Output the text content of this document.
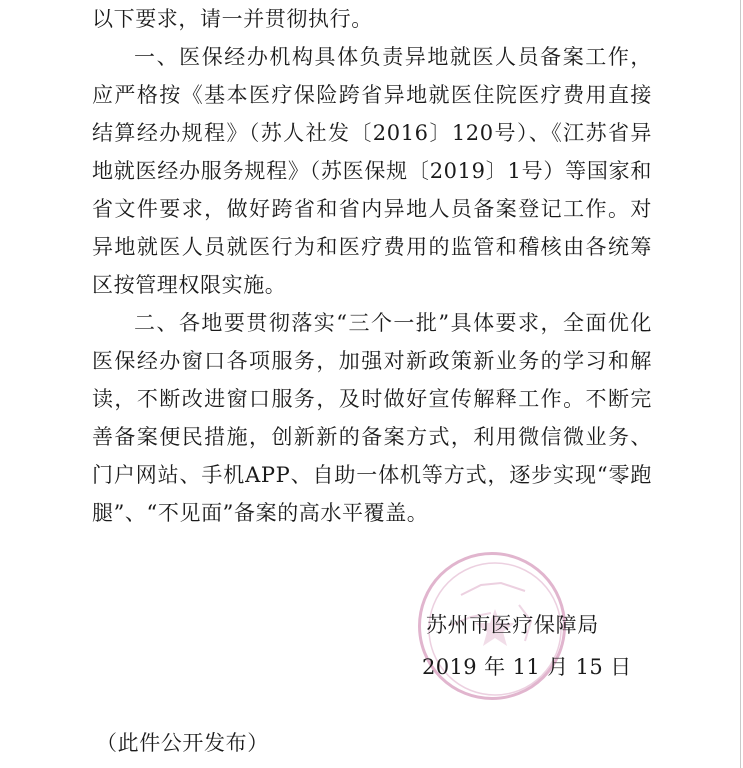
以下要求，请一并贯彻执行。

一、医保经办机构具体负责异地就医人员备案工作，应严格按《基本医疗保险跨省异地就医住院医疗费用直接结算经办规程》（苏人社发〔2016〕120号）、《江苏省异地就医经办服务规程》（苏医保规〔2019〕1号）等国家和省文件要求，做好跨省和省内异地人员备案登记工作。对异地就医人员就医行为和医疗费用的监管和稽核由各统筹区按管理权限实施。

二、各地要贯彻落实“三个一批”具体要求，全面优化医保经办窗口各项服务，加强对新政策新业务的学习和解读，不断改进窗口服务，及时做好宣传解释工作。不断完善备案便民措施，创新新的备案方式，利用微信微业务、门户网站、手机APP、自助一体机等方式，逐步实现“零跑腿”、“不见面”备案的高水平覆盖。

苏州市医疗保障局
2019 年 11 月 15 日
（此件公开发布）
